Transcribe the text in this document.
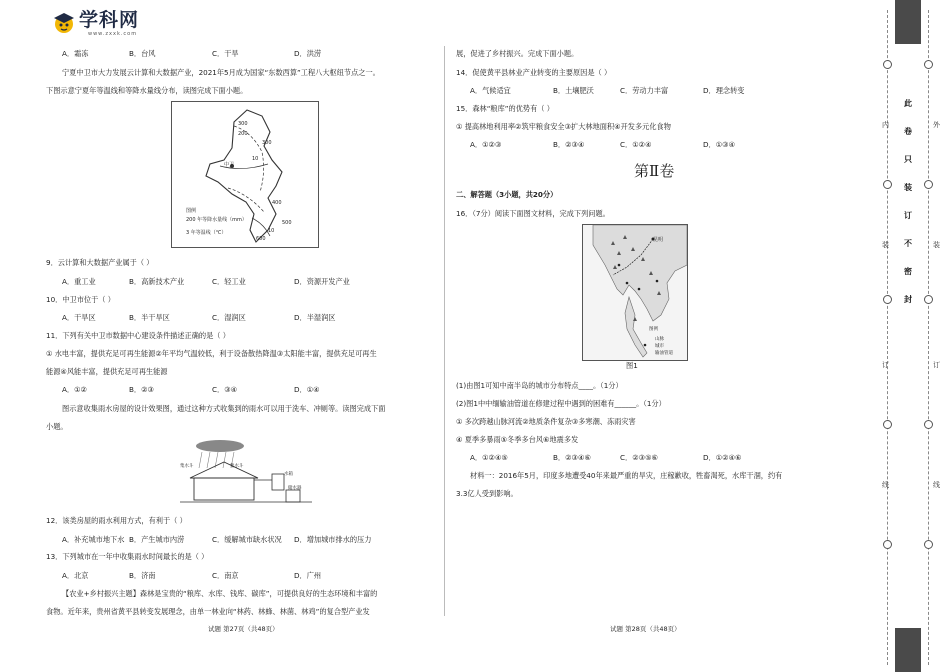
学科网
www.zxxk.com
A．霜冻	B．台风	C．干旱	D．洪涝
宁夏中卫市大力发展云计算和大数据产业，2021年5月成为国家“东数西算”工程八大枢纽节点之一。
下图示意宁夏年等温线和等降水量线分布，读图完成下面小题。
300
200
300
10
中卫
400
500
600
10
图例
200 年等降水量线（mm）
3 年等温线（℃）
9．云计算和大数据产业属于（ ）
A．重工业	B．高新技术产业	C．轻工业	D．资源开发产业
10．中卫市位于（ ）
A．干旱区	B．半干旱区	C．湿润区	D．半湿润区
11．下列有关中卫市数据中心建设条件描述正确的是（ ）
① 水电丰富，提供充足可再生能源②年平均气温较低，利于设备散热降温③太阳能丰富，提供充足可再生
能源④风能丰富，提供充足可再生能源
A．①②	B．②③	C．③④	D．①④
图示意收集雨水房屋的设计效果图，通过这种方式收集到的雨水可以用于洗车、冲厕等。读图完成下面
小题。
集水斗	集水斗
水箱
储水器
12．该类房屋的雨水利用方式，有利于（ ）
A．补充城市地下水 B．产生城市内涝	C．缓解城市缺水状况 D．增加城市排水的压力
13．下列城市在一年中收集雨水时间最长的是（ ）
A．北京	B．济南	C．南京	D．广州
【农业+乡村振兴主题】森林是宝贵的“粮库、水库、钱库、碳库”，可提供良好的生态环境和丰富的
食物。近年来，贵州省黄平县转变发展理念，由单一林业向“林药、林蜂、林菌、林鸡”的复合型产业发
试题 第27页（共48页）
展，促进了乡村振兴。完成下面小题。
14．促使黄平县林业产业转变的主要原因是（ ）
A．气候适宜	B．土壤肥沃	C．劳动力丰富	D．理念转变
15．森林“粮库”的优势有（ ）
① 提高林地利用率②筑牢粮食安全③扩大林地面积④开发多元化食物
A．①②③	B．②③④	C．①②④	D．①③④
第Ⅱ卷
二、解答题（3小题，共20分）
16．（7分）阅读下面图文材料，完成下列问题。
昆明
图例
山脉
城市
输油管道
图1
(1)由图1可知中南半岛的城市分布特点____。（1分）
(2)图1中中缅输油管道在修建过程中遇到的困难有______。（1分）
① 多次跨越山脉河流②地质条件复杂③多寒潮、冻雨灾害
④ 夏季多暴雨⑤冬季多台风⑥地震多发
A．①②④⑤	B．②③④⑥	C．②③⑤⑥	D．①②④⑥
材料一：2016年5月，印度多地遭受40年来最严重的旱灾，庄稼歉收，牲畜渴死，水库干涸，约有
3.3亿人受到影响。
试题 第28页（共48页）
内
装
订
线
外
装
订
线
此
卷
只
装
订
不
密
封
